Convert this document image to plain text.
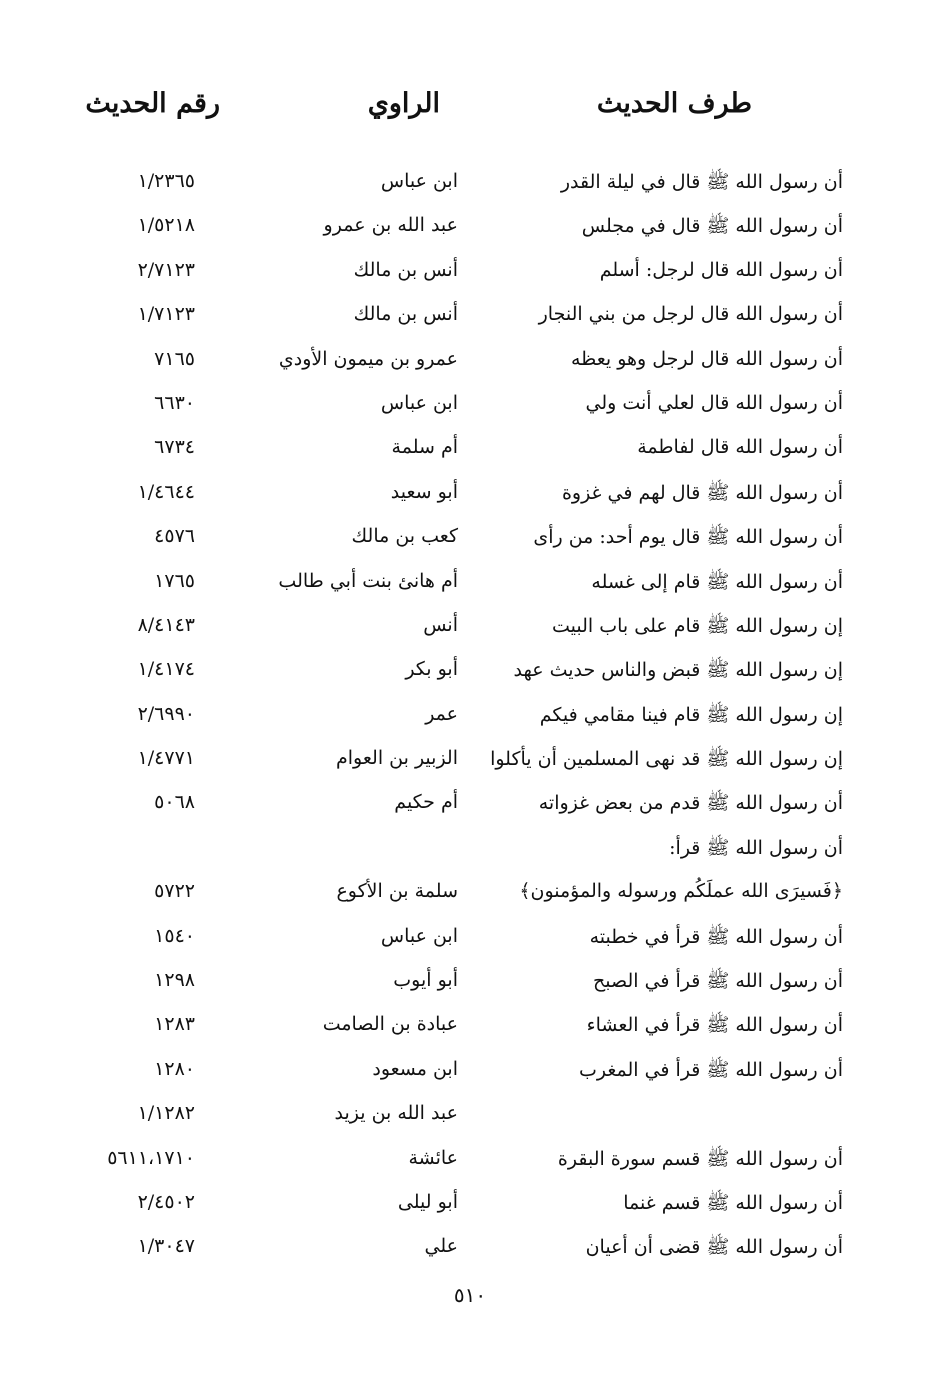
طرف الحديث
الراوي
رقم الحديث
أن رسول الله ﷺ قال في ليلة القدر
ابن عباس
١/٢٣٦٥
أن رسول الله ﷺ قال في مجلس
عبد الله بن عمرو
١/٥٢١٨
أن رسول الله قال لرجل: أسلم
أنس بن مالك
٢/٧١٢٣
أن رسول الله قال لرجل من بني النجار
أنس بن مالك
١/٧١٢٣
أن رسول الله قال لرجل وهو يعظه
عمرو بن ميمون الأودي
٧١٦٥
أن رسول الله قال لعلي أنت ولي
ابن عباس
٦٦٣٠
أن رسول الله قال لفاطمة
أم سلمة
٦٧٣٤
أن رسول الله ﷺ قال لهم في غزوة
أبو سعيد
١/٤٦٤٤
أن رسول الله ﷺ قال يوم أحد: من رأى
كعب بن مالك
٤٥٧٦
أن رسول الله ﷺ قام إلى غسله
أم هانئ بنت أبي طالب
١٧٦٥
إن رسول الله ﷺ قام على باب البيت
أنس
٨/٤١٤٣
إن رسول الله ﷺ قبض والناس حديث عهد
أبو بكر
١/٤١٧٤
إن رسول الله ﷺ قام فينا مقامي فيكم
عمر
٢/٦٩٩٠
إن رسول الله ﷺ قد نهى المسلمين أن يأكلوا
الزبير بن العوام
١/٤٧٧١
أن رسول الله ﷺ قدم من بعض غزواته
أم حكيم
٥٠٦٨
أن رسول الله ﷺ قرأ:
﴿فَسيرَى الله عملَكُم ورسوله والمؤمنون﴾
سلمة بن الأكوع
٥٧٢٢
أن رسول الله ﷺ قرأ في خطبته
ابن عباس
١٥٤٠
أن رسول الله ﷺ قرأ في الصبح
أبو أيوب
١٢٩٨
أن رسول الله ﷺ قرأ في العشاء
عبادة بن الصامت
١٢٨٣
أن رسول الله ﷺ قرأ في المغرب
ابن مسعود
١٢٨٠
عبد الله بن يزيد
١/١٢٨٢
أن رسول الله ﷺ قسم سورة البقرة
عائشة
٥٦١١،١٧١٠
أن رسول الله ﷺ قسم غنما
أبو ليلى
٢/٤٥٠٢
أن رسول الله ﷺ قضى أن أعيان
علي
١/٣٠٤٧
٥١٠
